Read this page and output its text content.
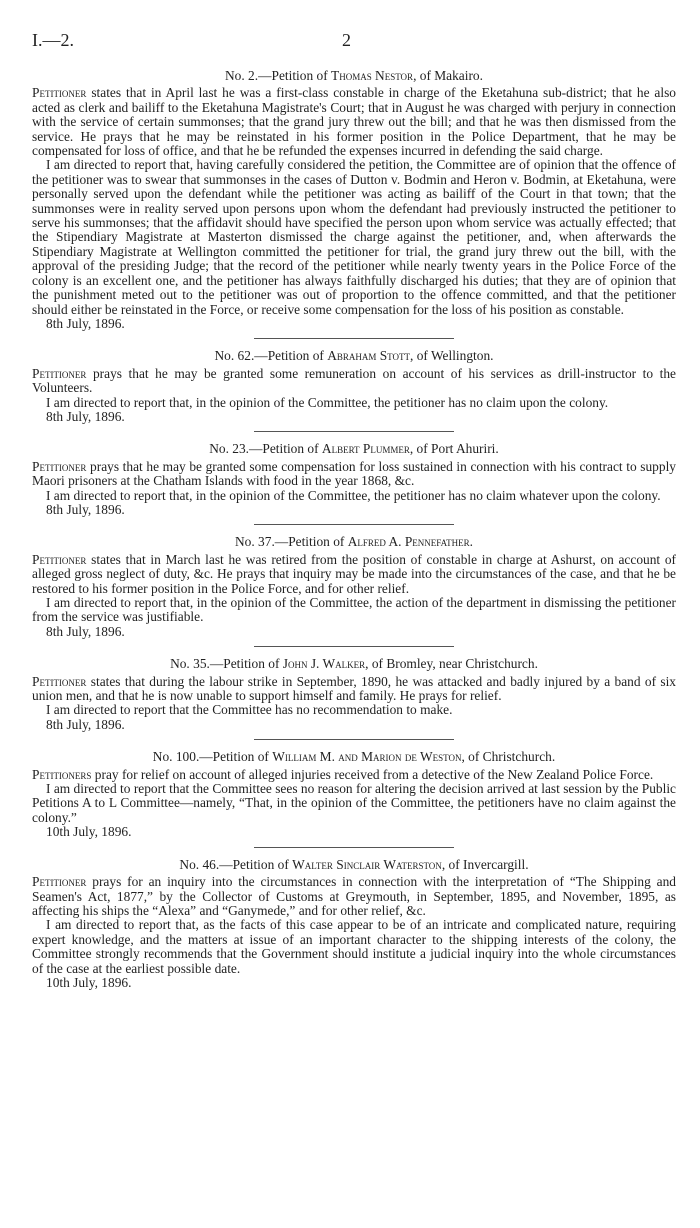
I.—2.	2
No. 2.—Petition of Thomas Nestor, of Makairo.

Petitioner states that in April last he was a first-class constable in charge of the Eketahuna sub-district; that he also acted as clerk and bailiff to the Eketahuna Magistrate's Court; that in August he was charged with perjury in connection with the service of certain summonses; that the grand jury threw out the bill; and that he was then dismissed from the service. He prays that he may be reinstated in his former position in the Police Department, that he may be compensated for loss of office, and that he be refunded the expenses incurred in defending the said charge.

I am directed to report that, having carefully considered the petition, the Committee are of opinion that the offence of the petitioner was to swear that summonses in the cases of Dutton v. Bodmin and Heron v. Bodmin, at Eketahuna, were personally served upon the defendant while the petitioner was acting as bailiff of the Court in that town; that the summonses were in reality served upon persons upon whom the defendant had previously instructed the petitioner to serve his summonses; that the affidavit should have specified the person upon whom service was actually effected; that the Stipendiary Magistrate at Masterton dismissed the charge against the petitioner, and, when afterwards the Stipendiary Magistrate at Wellington committed the petitioner for trial, the grand jury threw out the bill, with the approval of the presiding Judge; that the record of the petitioner while nearly twenty years in the Police Force of the colony is an excellent one, and the petitioner has always faithfully discharged his duties; that they are of opinion that the punishment meted out to the petitioner was out of proportion to the offence committed, and that the petitioner should either be reinstated in the Force, or receive some compensation for the loss of his position as constable.

8th July, 1896.
No. 62.—Petition of Abraham Stott, of Wellington.

Petitioner prays that he may be granted some remuneration on account of his services as drill-instructor to the Volunteers.

I am directed to report that, in the opinion of the Committee, the petitioner has no claim upon the colony.

8th July, 1896.
No. 23.—Petition of Albert Plummer, of Port Ahuriri.

Petitioner prays that he may be granted some compensation for loss sustained in connection with his contract to supply Maori prisoners at the Chatham Islands with food in the year 1868, &c.

I am directed to report that, in the opinion of the Committee, the petitioner has no claim whatever upon the colony.

8th July, 1896.
No. 37.—Petition of Alfred A. Pennefather.

Petitioner states that in March last he was retired from the position of constable in charge at Ashurst, on account of alleged gross neglect of duty, &c. He prays that inquiry may be made into the circumstances of the case, and that he be restored to his former position in the Police Force, and for other relief.

I am directed to report that, in the opinion of the Committee, the action of the department in dismissing the petitioner from the service was justifiable.

8th July, 1896.
No. 35.—Petition of John J. Walker, of Bromley, near Christchurch.

Petitioner states that during the labour strike in September, 1890, he was attacked and badly injured by a band of six union men, and that he is now unable to support himself and family. He prays for relief.

I am directed to report that the Committee has no recommendation to make.

8th July, 1896.
No. 100.—Petition of William M. and Marion de Weston, of Christchurch.

Petitioners pray for relief on account of alleged injuries received from a detective of the New Zealand Police Force.

I am directed to report that the Committee sees no reason for altering the decision arrived at last session by the Public Petitions A to L Committee—namely, “That, in the opinion of the Committee, the petitioners have no claim against the colony.”

10th July, 1896.
No. 46.—Petition of Walter Sinclair Waterston, of Invercargill.

Petitioner prays for an inquiry into the circumstances in connection with the interpretation of “The Shipping and Seamen's Act, 1877,” by the Collector of Customs at Greymouth, in September, 1895, and November, 1895, as affecting his ships the “Alexa” and “Ganymede,” and for other relief, &c.

I am directed to report that, as the facts of this case appear to be of an intricate and complicated nature, requiring expert knowledge, and the matters at issue of an important character to the shipping interests of the colony, the Committee strongly recommends that the Government should institute a judicial inquiry into the whole circumstances of the case at the earliest possible date.

10th July, 1896.
